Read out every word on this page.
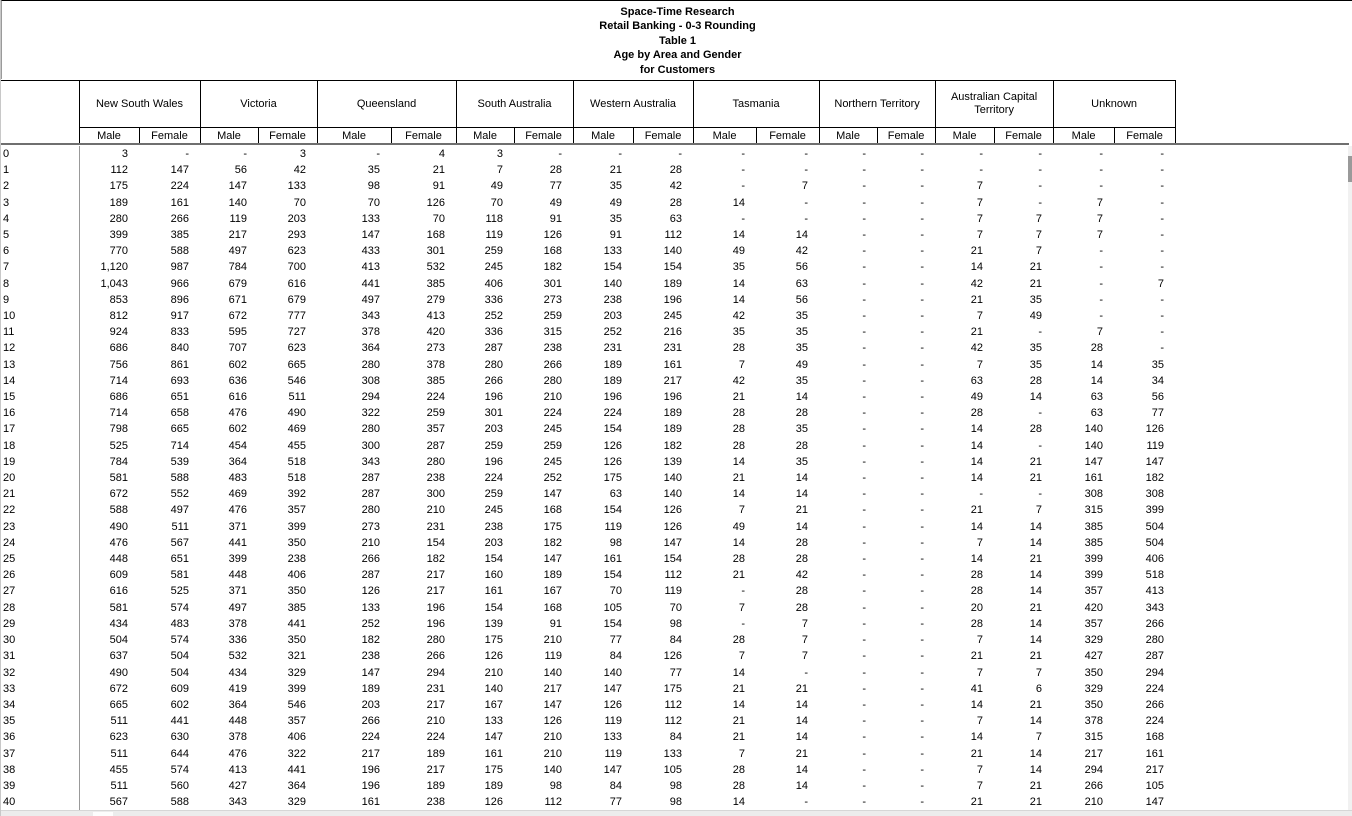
Space-Time Research
Retail Banking - 0-3 Rounding
Table 1
Age by Area and Gender
for Customers
	New South Wales		Victoria		Queensland		South Australia		Western Australia		Tasmania		Northern Territory		Australian Capital Territory		Unknown	
	Male	Female	Male	Female	Male	Female	Male	Female	Male	Female	Male	Female	Male	Female	Male	Female	Male	Female
0	3	-	-	3	-	4	3	-	-	-	-	-	-	-	-	-	-	-
1	112	147	56	42	35	21	7	28	21	28	-	-	-	-	-	-	-	-
2	175	224	147	133	98	91	49	77	35	42	-	7	-	-	7	-	-	-
3	189	161	140	70	70	126	70	49	49	28	14	-	-	-	7	-	7	-
4	280	266	119	203	133	70	118	91	35	63	-	-	-	-	7	7	7	-
5	399	385	217	293	147	168	119	126	91	112	14	14	-	-	7	7	7	-
6	770	588	497	623	433	301	259	168	133	140	49	42	-	-	21	7	-	-
7	1,120	987	784	700	413	532	245	182	154	154	35	56	-	-	14	21	-	-
8	1,043	966	679	616	441	385	406	301	140	189	14	63	-	-	42	21	-	7
9	853	896	671	679	497	279	336	273	238	196	14	56	-	-	21	35	-	-
10	812	917	672	777	343	413	252	259	203	245	42	35	-	-	7	49	-	-
11	924	833	595	727	378	420	336	315	252	216	35	35	-	-	21	-	7	-
12	686	840	707	623	364	273	287	238	231	231	28	35	-	-	42	35	28	-
13	756	861	602	665	280	378	280	266	189	161	7	49	-	-	7	35	14	35
14	714	693	636	546	308	385	266	280	189	217	42	35	-	-	63	28	14	34
15	686	651	616	511	294	224	196	210	196	196	21	14	-	-	49	14	63	56
16	714	658	476	490	322	259	301	224	224	189	28	28	-	-	28	-	63	77
17	798	665	602	469	280	357	203	245	154	189	28	35	-	-	14	28	140	126
18	525	714	454	455	300	287	259	259	126	182	28	28	-	-	14	-	140	119
19	784	539	364	518	343	280	196	245	126	139	14	35	-	-	14	21	147	147
20	581	588	483	518	287	238	224	252	175	140	21	14	-	-	14	21	161	182
21	672	552	469	392	287	300	259	147	63	140	14	14	-	-	-	-	308	308
22	588	497	476	357	280	210	245	168	154	126	7	21	-	-	21	7	315	399
23	490	511	371	399	273	231	238	175	119	126	49	14	-	-	14	14	385	504
24	476	567	441	350	210	154	203	182	98	147	14	28	-	-	7	14	385	504
25	448	651	399	238	266	182	154	147	161	154	28	28	-	-	14	21	399	406
26	609	581	448	406	287	217	160	189	154	112	21	42	-	-	28	14	399	518
27	616	525	371	350	126	217	161	167	70	119	-	28	-	-	28	14	357	413
28	581	574	497	385	133	196	154	168	105	70	7	28	-	-	20	21	420	343
29	434	483	378	441	252	196	139	91	154	98	-	7	-	-	28	14	357	266
30	504	574	336	350	182	280	175	210	77	84	28	7	-	-	7	14	329	280
31	637	504	532	321	238	266	126	119	84	126	7	7	-	-	21	21	427	287
32	490	504	434	329	147	294	210	140	140	77	14	-	-	-	7	7	350	294
33	672	609	419	399	189	231	140	217	147	175	21	21	-	-	41	6	329	224
34	665	602	364	546	203	217	167	147	126	112	14	14	-	-	14	21	350	266
35	511	441	448	357	266	210	133	126	119	112	21	14	-	-	7	14	378	224
36	623	630	378	406	224	224	147	210	133	84	21	14	-	-	14	7	315	168
37	511	644	476	322	217	189	161	210	119	133	7	21	-	-	21	14	217	161
38	455	574	413	441	196	217	175	140	147	105	28	14	-	-	7	14	294	217
39	511	560	427	364	196	189	189	98	84	98	28	14	-	-	7	21	266	105
40	567	588	343	329	161	238	126	112	77	98	14	-	-	-	21	21	210	147
